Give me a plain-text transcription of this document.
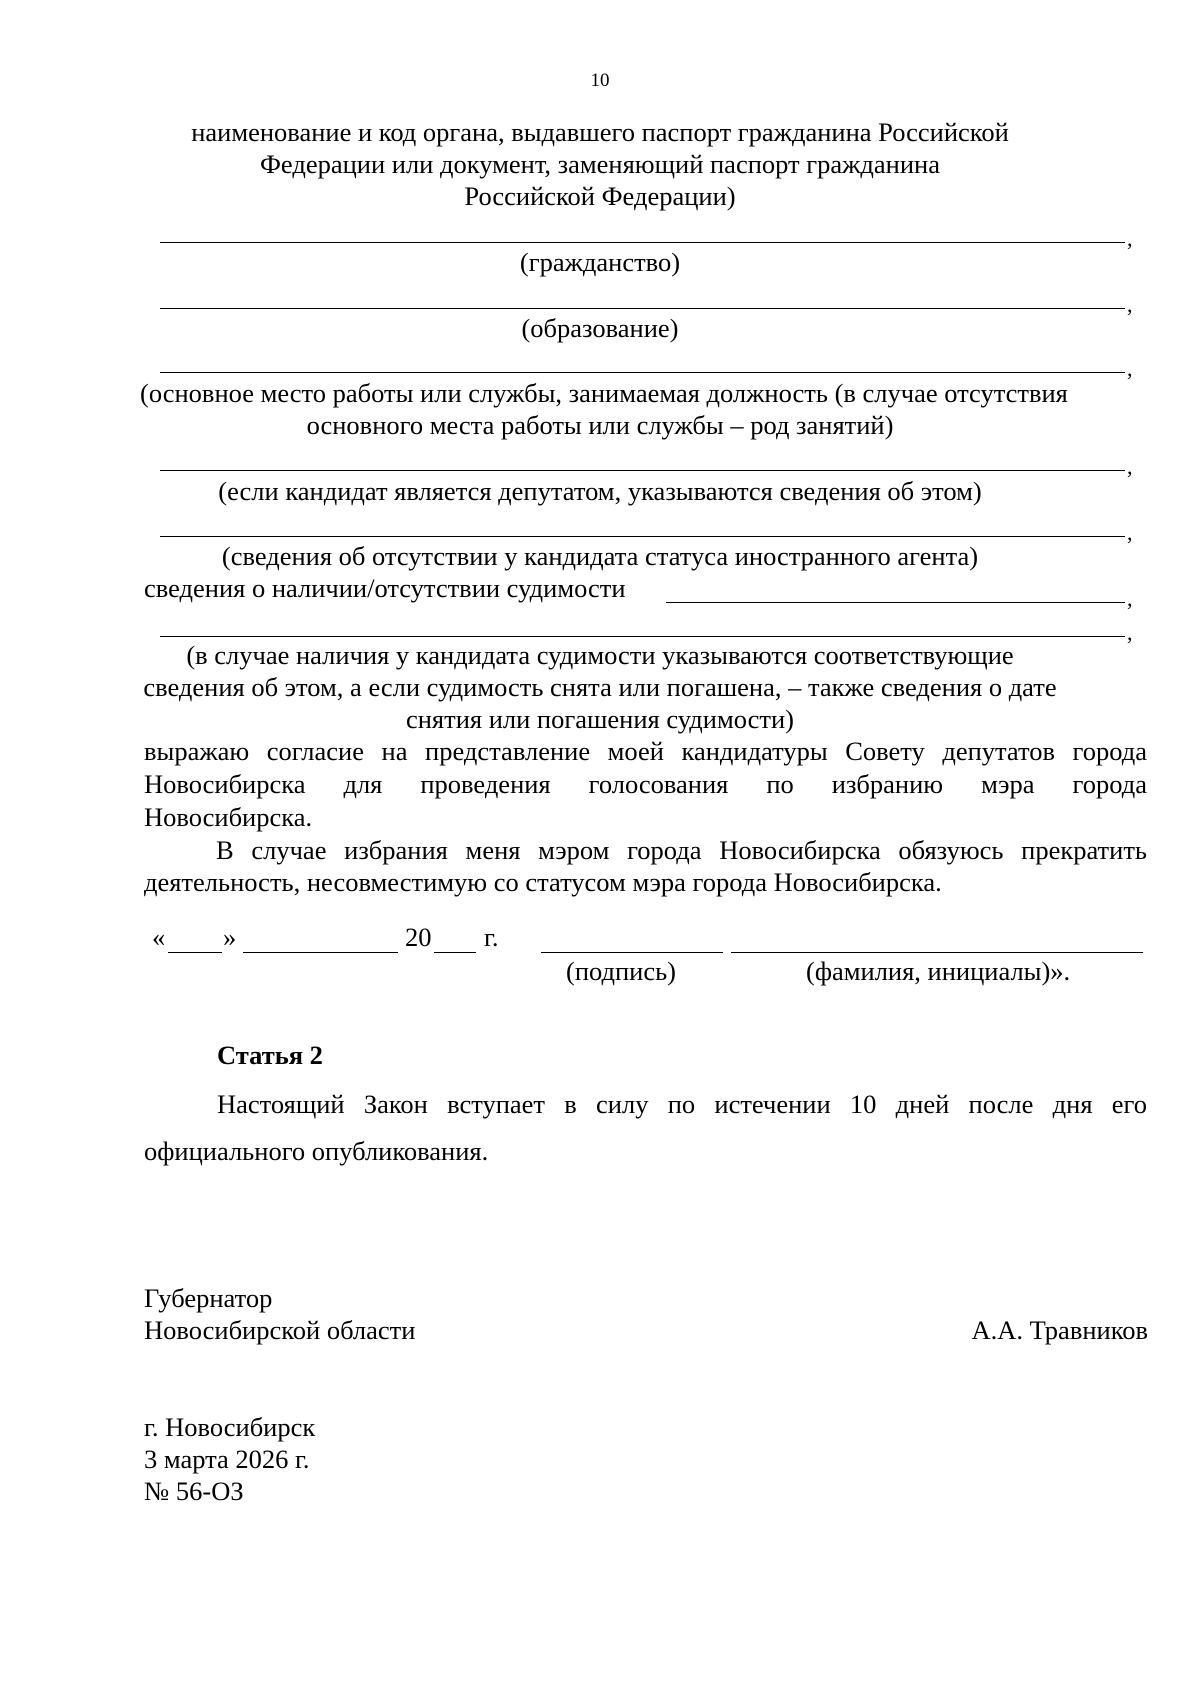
10
наименование и код органа, выдавшего паспорт гражданина Российской
Федерации или документ, заменяющий паспорт гражданина
Российской Федерации)
,
(гражданство)
,
(образование)
,
(основное место работы или службы, занимаемая должность (в случае отсутствия
основного места работы или службы – род занятий)
,
(если кандидат является депутатом, указываются сведения об этом)
,
(сведения об отсутствии у кандидата статуса иностранного агента)
сведения о наличии/отсутствии судимости	,
,
(в случае наличия у кандидата судимости указываются соответствующие
сведения об этом, а если судимость снята или погашена, – также сведения о дате
снятия или погашения судимости)
выражаю согласие на представление моей кандидатуры Совету депутатов города
Новосибирска для проведения голосования по избранию мэра города
Новосибирска.
В случае избрания меня мэром города Новосибирска обязуюсь прекратить
деятельность, несовместимую со статусом мэра города Новосибирска.
« »	20 г.
(подпись)	(фамилия, инициалы)».
Статья 2
Настоящий Закон вступает в силу по истечении 10 дней после дня его
официального опубликования.
Губернатор
Новосибирской области	А.А. Травников
г. Новосибирск
3 марта 2026 г.
№ 56-ОЗ
